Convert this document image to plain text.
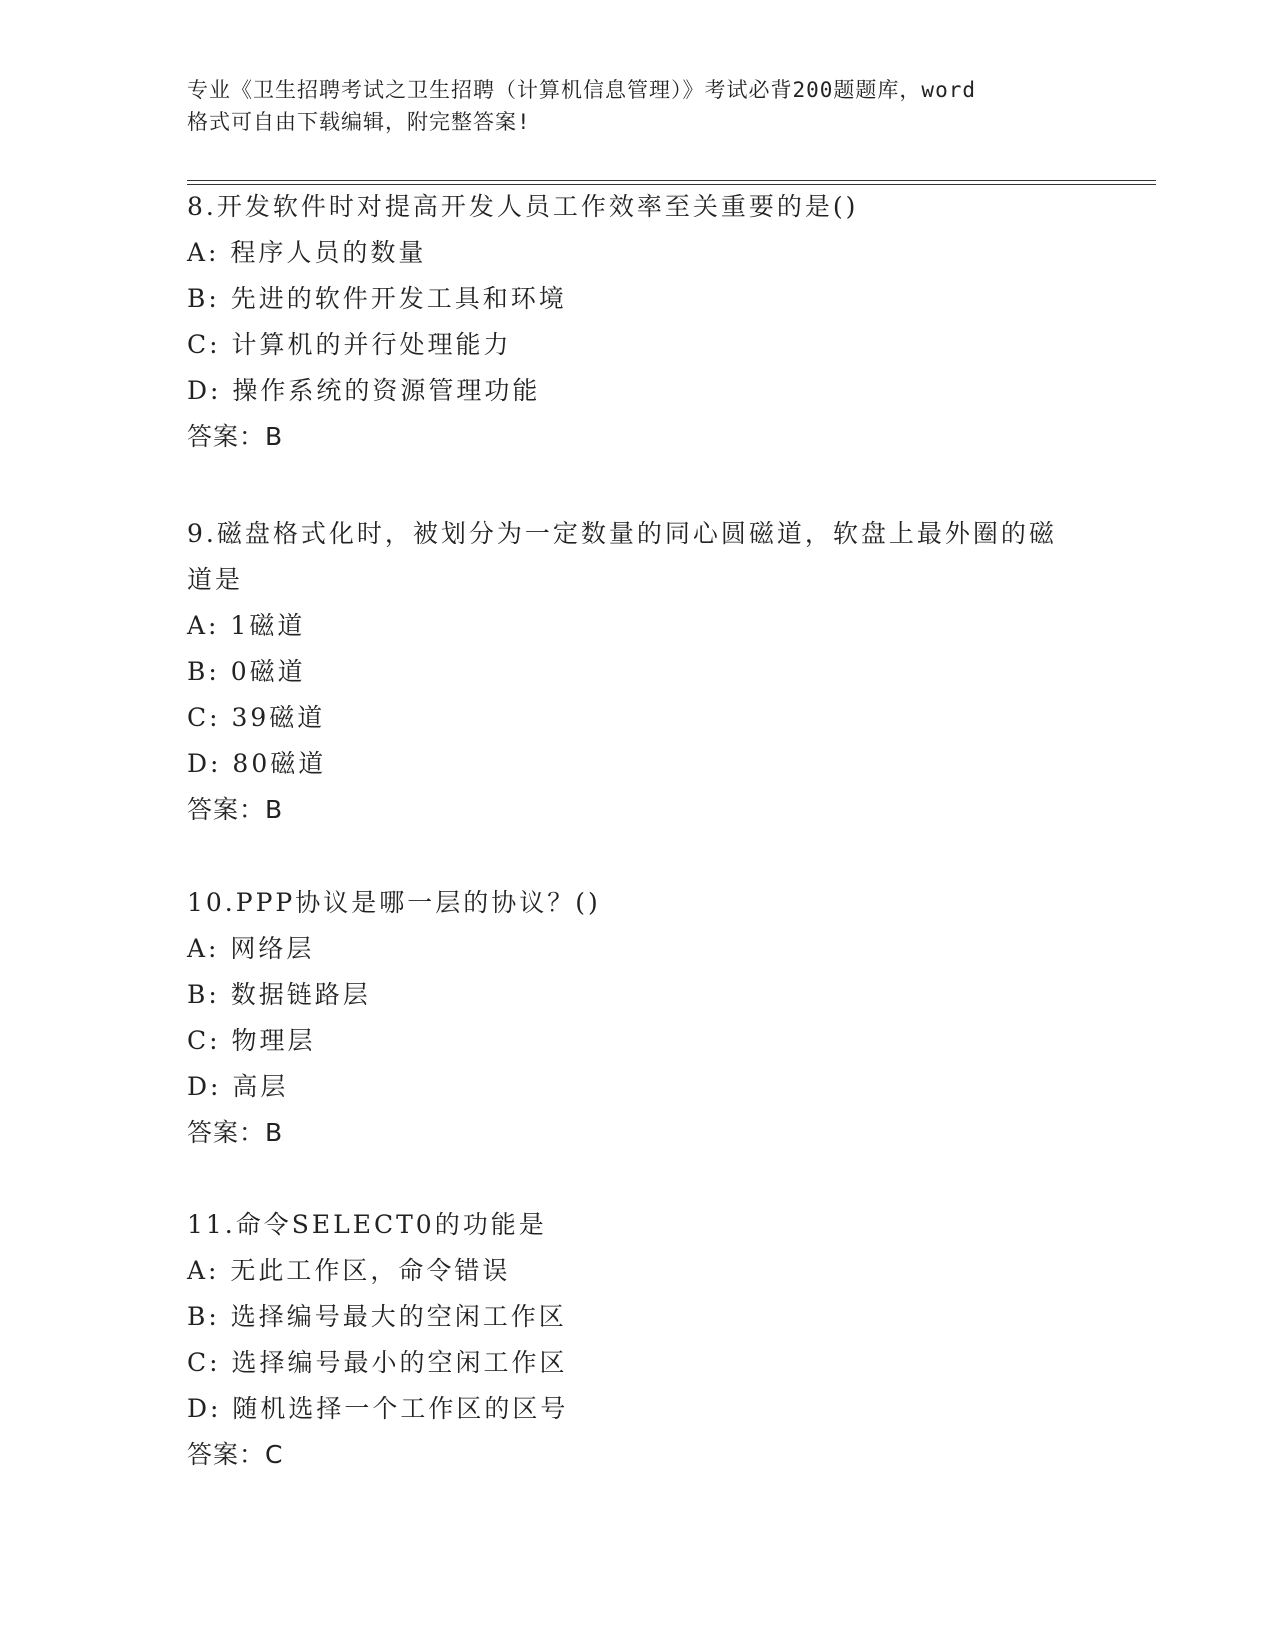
专业《卫生招聘考试之卫生招聘（计算机信息管理）》考试必背200题题库，word
格式可自由下载编辑，附完整答案!
8.开发软件时对提高开发人员工作效率至关重要的是()
A: 程序人员的数量
B: 先进的软件开发工具和环境
C: 计算机的并行处理能力
D: 操作系统的资源管理功能
答案：B
9.磁盘格式化时，被划分为一定数量的同心圆磁道，软盘上最外圈的磁道是
A: 1磁道
B: 0磁道
C: 39磁道
D: 80磁道
答案：B
10.PPP协议是哪一层的协议？()
A: 网络层
B: 数据链路层
C: 物理层
D: 高层
答案：B
11.命令SELECT0的功能是
A: 无此工作区，命令错误
B: 选择编号最大的空闲工作区
C: 选择编号最小的空闲工作区
D: 随机选择一个工作区的区号
答案：C
